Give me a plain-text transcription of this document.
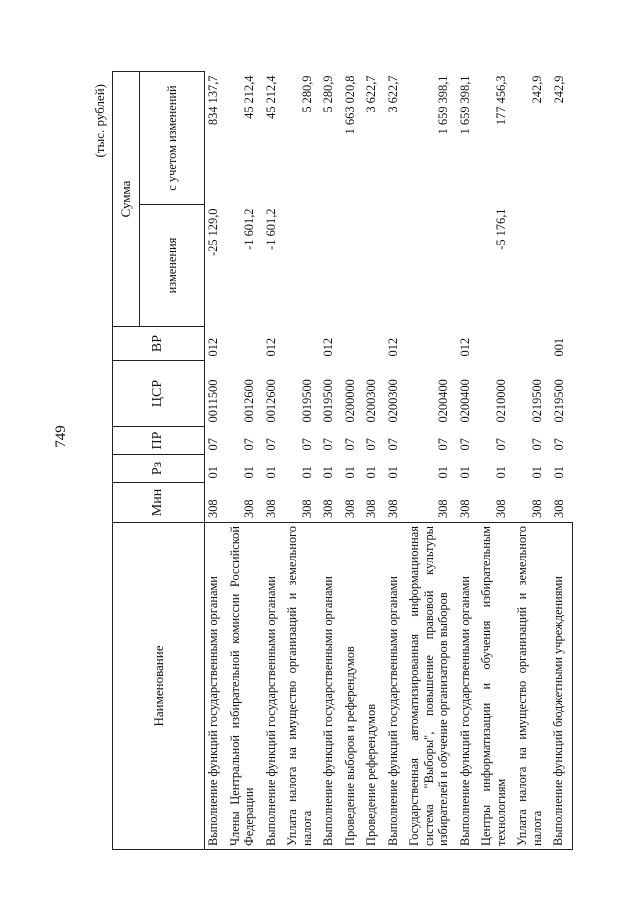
749
(тыс. рублей)
Наименование	Мин	Рз	ПР	ЦСР	ВР	Сумма	
						изменения	с учетом изменений
Выполнение функций государственными органами	308	01	07	0011500	012	-25 129,0	834 137,7
Члены Центральной избирательной комиссии Российской Федерации	308	01	07	0012600		-1 601,2	45 212,4
Выполнение функций государственными органами	308	01	07	0012600	012	-1 601,2	45 212,4
Уплата налога на имущество организаций и земельного налога	308	01	07	0019500			5 280,9
Выполнение функций государственными органами	308	01	07	0019500	012		5 280,9
Проведение выборов и референдумов	308	01	07	0200000			1 663 020,8
Проведение референдумов	308	01	07	0200300			3 622,7
Выполнение функций государственными органами	308	01	07	0200300	012		3 622,7
Государственная автоматизированная информационная система "Выборы", повышение правовой культуры избирателей и обучение организаторов выборов	308	01	07	0200400			1 659 398,1
Выполнение функций государственными органами	308	01	07	0200400	012		1 659 398,1
Центры информатизации и обучения избирательным технологиям	308	01	07	0210000		-5 176,1	177 456,3
Уплата налога на имущество организаций и земельного налога	308	01	07	0219500			242,9
Выполнение функций бюджетными учреждениями	308	01	07	0219500	001		242,9
